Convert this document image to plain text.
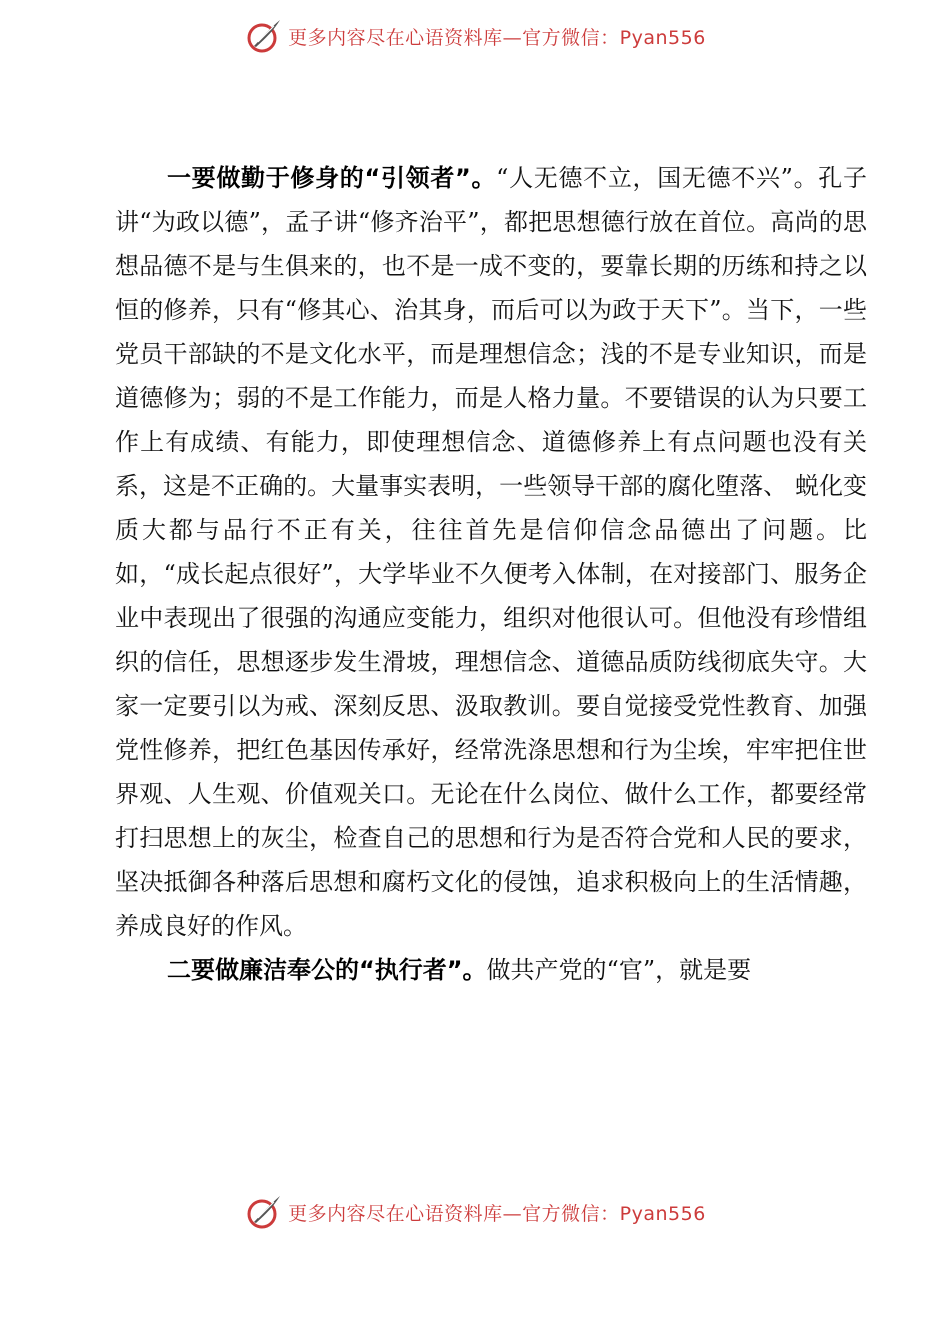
更多内容尽在心语资料库—官方微信：Pyan556

一要做勤于修身的“引领者”。“人无德不立，国无德不兴”。孔子讲“为政以德”，孟子讲“修齐治平”，都把思想德行放在首位。高尚的思想品德不是与生俱来的，也不是一成不变的，要靠长期的历练和持之以恒的修养，只有“修其心、治其身，而后可以为政于天下”。当下，一些党员干部缺的不是文化水平，而是理想信念；浅的不是专业知识，而是道德修为；弱的不是工作能力，而是人格力量。不要错误的认为只要工作上有成绩、有能力，即使理想信念、道德修养上有点问题也没有关系，这是不正确的。大量事实表明，一些领导干部的腐化堕落、 蜕化变质大都与品行不正有关，往往首先是信仰信念品德出了问题。比如，“成长起点很好”，大学毕业不久便考入体制，在对接部门、服务企业中表现出了很强的沟通应变能力，组织对他很认可。但他没有珍惜组织的信任，思想逐步发生滑坡，理想信念、道德品质防线彻底失守。大家一定要引以为戒、深刻反思、汲取教训。要自觉接受党性教育、加强党性修养，把红色基因传承好，经常洗涤思想和行为尘埃，牢牢把住世界观、人生观、价值观关口。无论在什么岗位、做什么工作，都要经常打扫思想上的灰尘，检查自己的思想和行为是否符合党和人民的要求，坚决抵御各种落后思想和腐朽文化的侵蚀，追求积极向上的生活情趣，养成良好的作风。

二要做廉洁奉公的“执行者”。做共产党的“官”，就是要

更多内容尽在心语资料库—官方微信：Pyan556
